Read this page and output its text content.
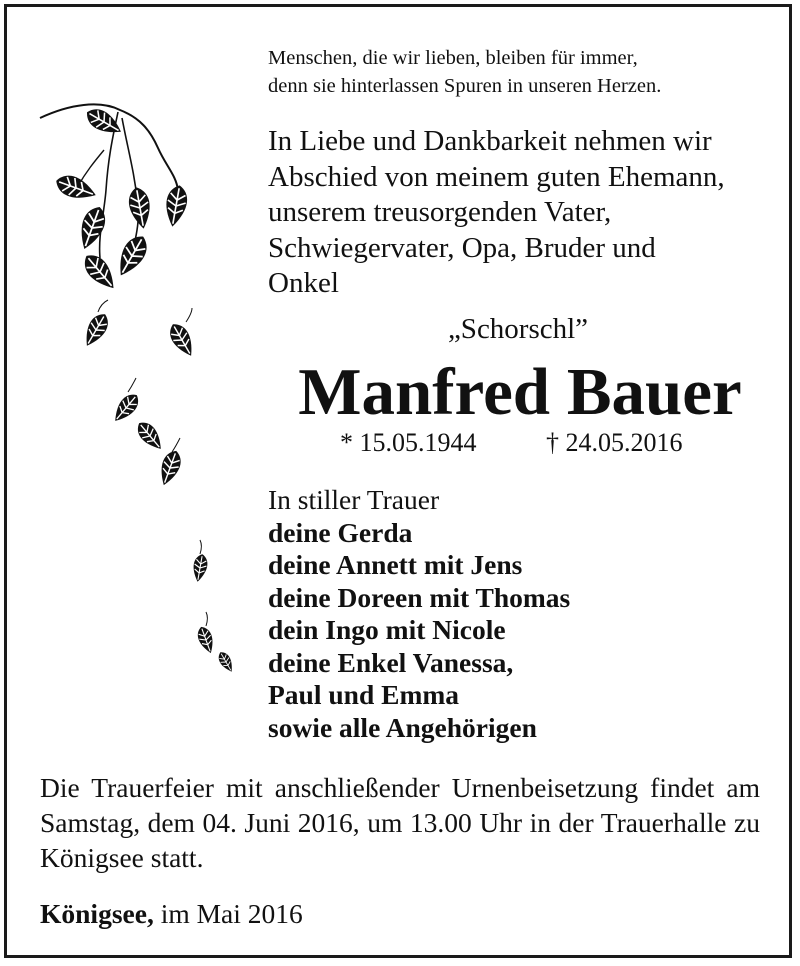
Menschen, die wir lieben, bleiben für immer,
denn sie hinterlassen Spuren in unseren Herzen.
In Liebe und Dankbarkeit nehmen wir
Abschied von meinem guten Ehemann,
unserem treusorgenden Vater,
Schwiegervater, Opa, Bruder und
Onkel
„Schorschl”
Manfred Bauer
* 15.05.1944	† 24.05.2016
In stiller Trauer
deine Gerda
deine Annett mit Jens
deine Doreen mit Thomas
dein Ingo mit Nicole
deine Enkel Vanessa,
Paul und Emma
sowie alle Angehörigen
Die Trauerfeier mit anschließender Urnenbeisetzung findet am Samstag, dem 04. Juni 2016, um 13.00 Uhr in der Trauerhalle zu Königsee statt.
Königsee, im Mai 2016
